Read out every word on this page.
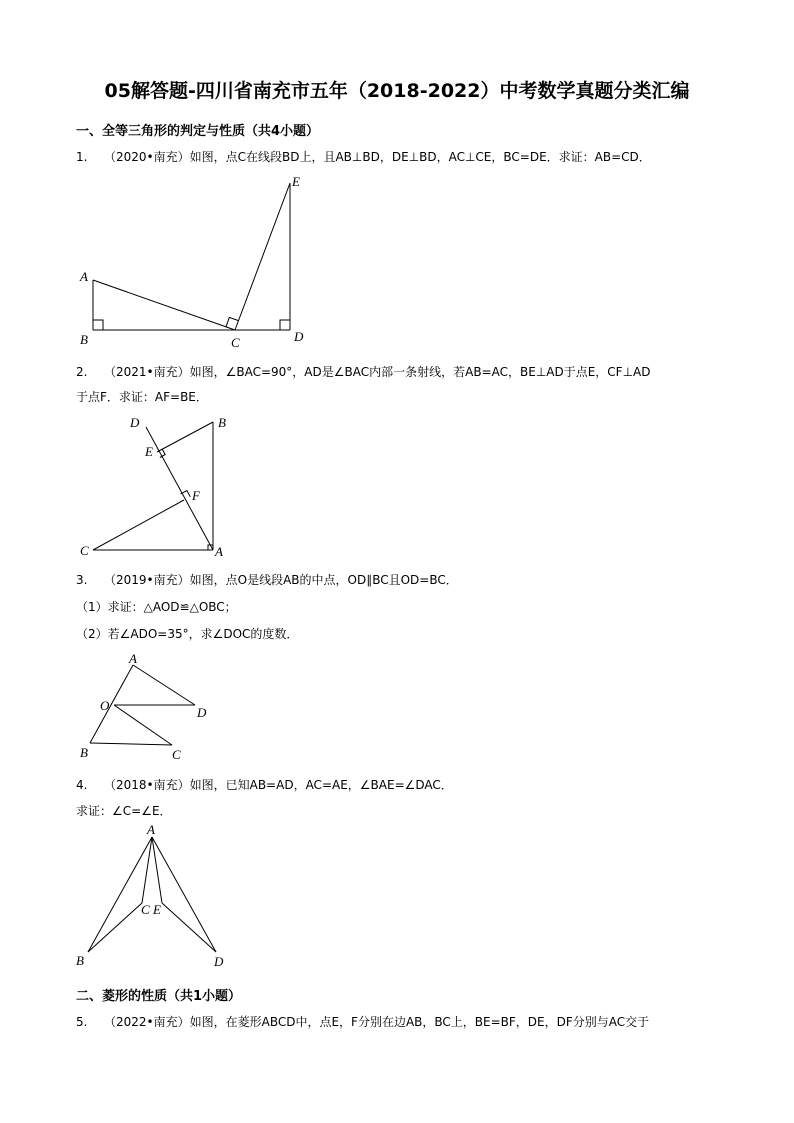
05解答题-四川省南充市五年（2018-2022）中考数学真题分类汇编
一、全等三角形的判定与性质（共4小题）
1. （2020•南充）如图，点C在线段BD上，且AB⊥BD，DE⊥BD，AC⊥CE，BC=DE．求证：AB=CD．
A
B	C	D
E
2. （2021•南充）如图，∠BAC=90°，AD是∠BAC内部一条射线，若AB=AC，BE⊥AD于点E，CF⊥AD
于点F．求证：AF=BE．
D	B
E
F
C	A
3. （2019•南充）如图，点O是线段AB的中点，OD∥BC且OD=BC．
（1）求证：△AOD≌△OBC；
（2）若∠ADO=35°，求∠DOC的度数．
A
O	D
B	C
4. （2018•南充）如图，已知AB=AD，AC=AE，∠BAE=∠DAC．
求证：∠C=∠E．
A
C E
B	D
二、菱形的性质（共1小题）
5. （2022•南充）如图，在菱形ABCD中，点E，F分别在边AB，BC上，BE=BF，DE，DF分别与AC交于
